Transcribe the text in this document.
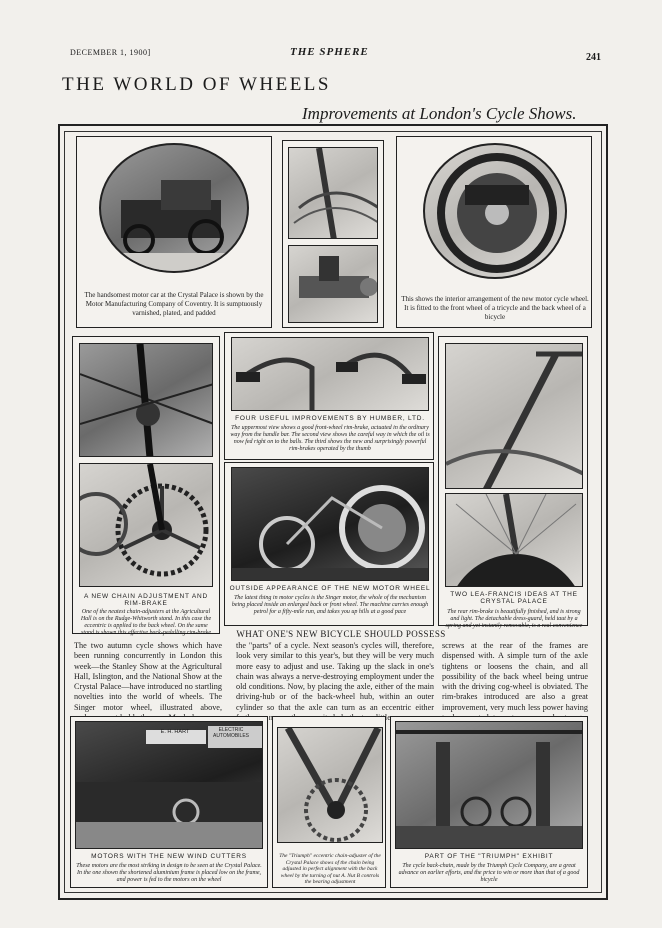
DECEMBER 1, 1900]	THE SPHERE	241
THE WORLD OF WHEELS
Improvements at London's Cycle Shows.
The handsomest motor car at the Crystal Palace is shown by the Motor Manufacturing Company of Coventry. It is sumptuously varnished, plated, and padded
This shows the interior arrangement of the new motor cycle wheel. It is fitted to the front wheel of a tricycle and the back wheel of a bicycle
A NEW CHAIN ADJUSTMENT AND RIM-BRAKE
One of the neatest chain-adjusters at the Agricultural Hall is on the Rudge-Whitworth stand. In this case the eccentric is applied to the back wheel. On the same stand is shown this effective back-pedalling rim-brake
FOUR USEFUL IMPROVEMENTS BY HUMBER, LTD.
The uppermost view shows a good front-wheel rim-brake, actuated in the ordinary way from the handle bar. The second view shows the careful way in which the oil is now fed right on to the balls. The third shows the new and surprisingly powerful rim-brakes operated by the thumb
OUTSIDE APPEARANCE OF THE NEW MOTOR WHEEL
The latest thing in motor cycles is the Singer motor, the whole of the mechanism being placed inside an enlarged back or front wheel. The machine carries enough petrol for a fifty-mile run, and takes you up hills at a good pace
TWO LEA-FRANCIS IDEAS AT THE CRYSTAL PALACE
The rear rim-brake is beautifully finished, and is strong and light. The detachable dress-guard, held taut by a spring and yet instantly removable, is a real convenience
WHAT ONE'S NEW BICYCLE SHOULD POSSESS
The two autumn cycle shows which have been running concurrently in London this week—the Stanley Show at the Agricultural Hall, Islington, and the National Show at the Crystal Palace—have introduced no startling novelties into the world of wheels. The Singer motor wheel, illustrated above,
the "parts" of a cycle. Next season's cycles will, therefore, look very similar to this year's, but they will be very much more easy to adjust and use. Taking up the slack in one's chain was always a nerve-destroying employment under the old conditions. Now, by placing the axle, either of the main driving-hub or of the back-wheel hub, within an outer cylinder so that the axle can turn as an eccentric either
screws at the rear of the frames are dispensed with. A simple turn of the axle tightens or loosens the chain, and all possibility of the back wheel being untrue with the driving cog-wheel is obviated. The rim-brakes introduced are also a great improvement, very much less power having
E. H. HART	ELECTRIC AUTOMOBILES
MOTORS WITH THE NEW WIND CUTTERS
These motors are the most striking in design to be seen at the Crystal Palace. In the one shown the shortened aluminium frame is placed low on the frame, and power is fed to the motors on the wheel
The "Triumph" eccentric chain-adjuster of the Crystal Palace shows of the chain being adjusted in perfect alignment with the back wheel by the turning of nut A. Nut B controls the bearing adjustment
PART OF THE "TRIUMPH" EXHIBIT
The cycle back-chain, made by the Triumph Cycle Company, are a great advance on earlier efforts, and the price to win or more than that of a good bicycle
